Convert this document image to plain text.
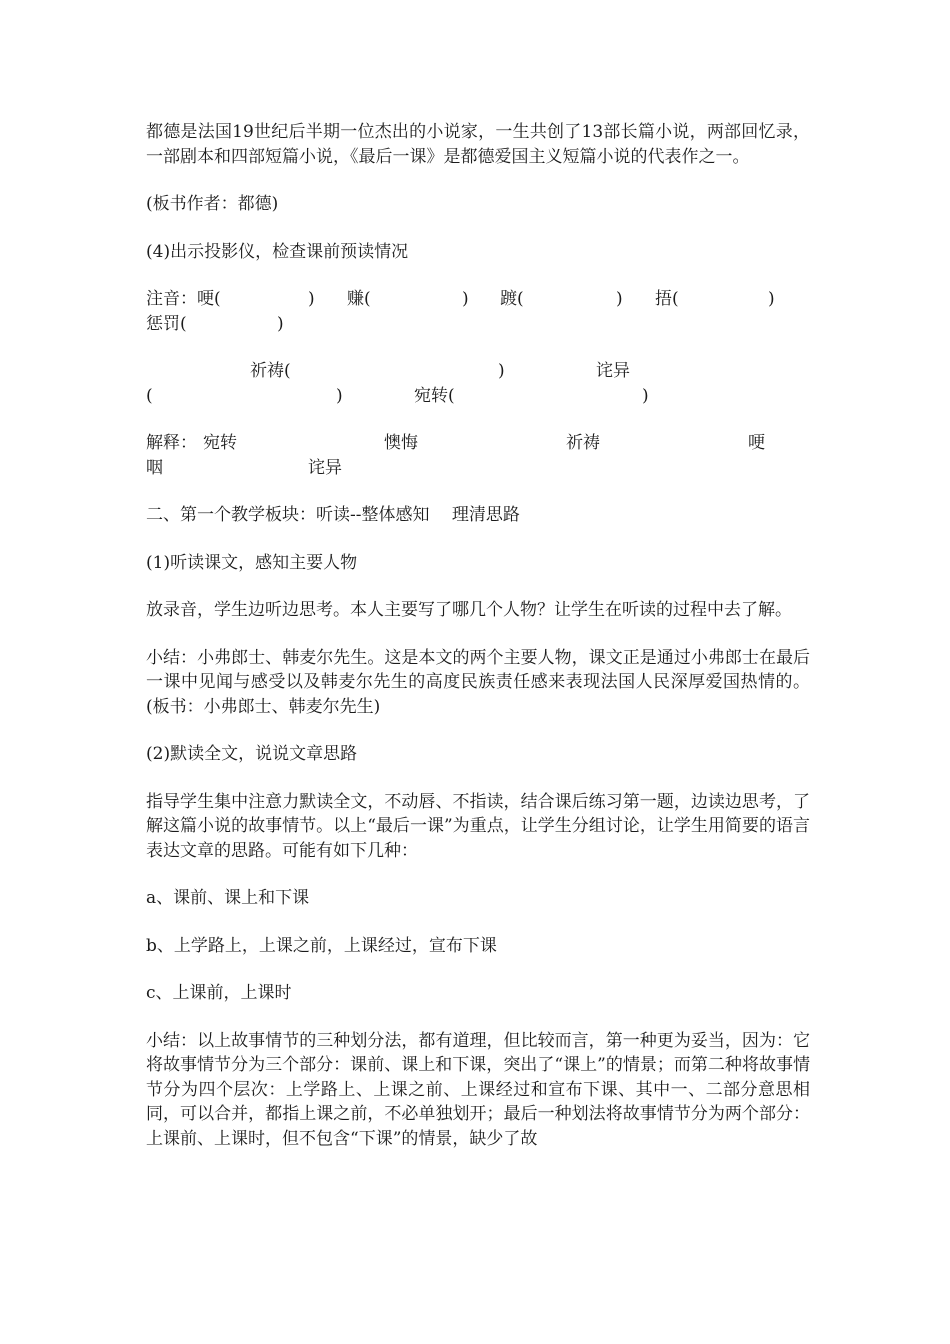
都德是法国19世纪后半期一位杰出的小说家，一生共创了13部长篇小说，两部回忆录，一部剧本和四部短篇小说，《最后一课》是都德爱国主义短篇小说的代表作之一。

(板书作者：都德)

(4)出示投影仪，检查课前预读情况

注音： 哽(	) 赚(	) 踱(	) 捂(	)
惩罚(	)
祈祷(	)	诧异
(	)	宛转(	)
解释： 宛转	懊悔	祈祷	哽
咽	诧异

二、第一个教学板块：听读--整体感知　 理清思路

(1)听读课文，感知主要人物

放录音，学生边听边思考。本人主要写了哪几个人物？让学生在听读的过程中去了解。

小结：小弗郎士、韩麦尔先生。这是本文的两个主要人物，课文正是通过小弗郎士在最后一课中见闻与感受以及韩麦尔先生的高度民族责任感来表现法国人民深厚爱国热情的。(板书：小弗郎士、韩麦尔先生)

(2)默读全文，说说文章思路

指导学生集中注意力默读全文，不动唇、不指读，结合课后练习第一题，边读边思考，了解这篇小说的故事情节。以上“最后一课”为重点，让学生分组讨论，让学生用简要的语言表达文章的思路。可能有如下几种：

a、课前、课上和下课

b、上学路上，上课之前，上课经过，宣布下课

c、上课前，上课时

小结：以上故事情节的三种划分法，都有道理，但比较而言，第一种更为妥当，因为：它将故事情节分为三个部分：课前、课上和下课，突出了“课上”的情景；而第二种将故事情节分为四个层次：上学路上、上课之前、上课经过和宣布下课、其中一、二部分意思相同，可以合并，都指上课之前，不必单独划开；最后一种划法将故事情节分为两个部分：上课前、上课时，但不包含“下课”的情景，缺少了故
